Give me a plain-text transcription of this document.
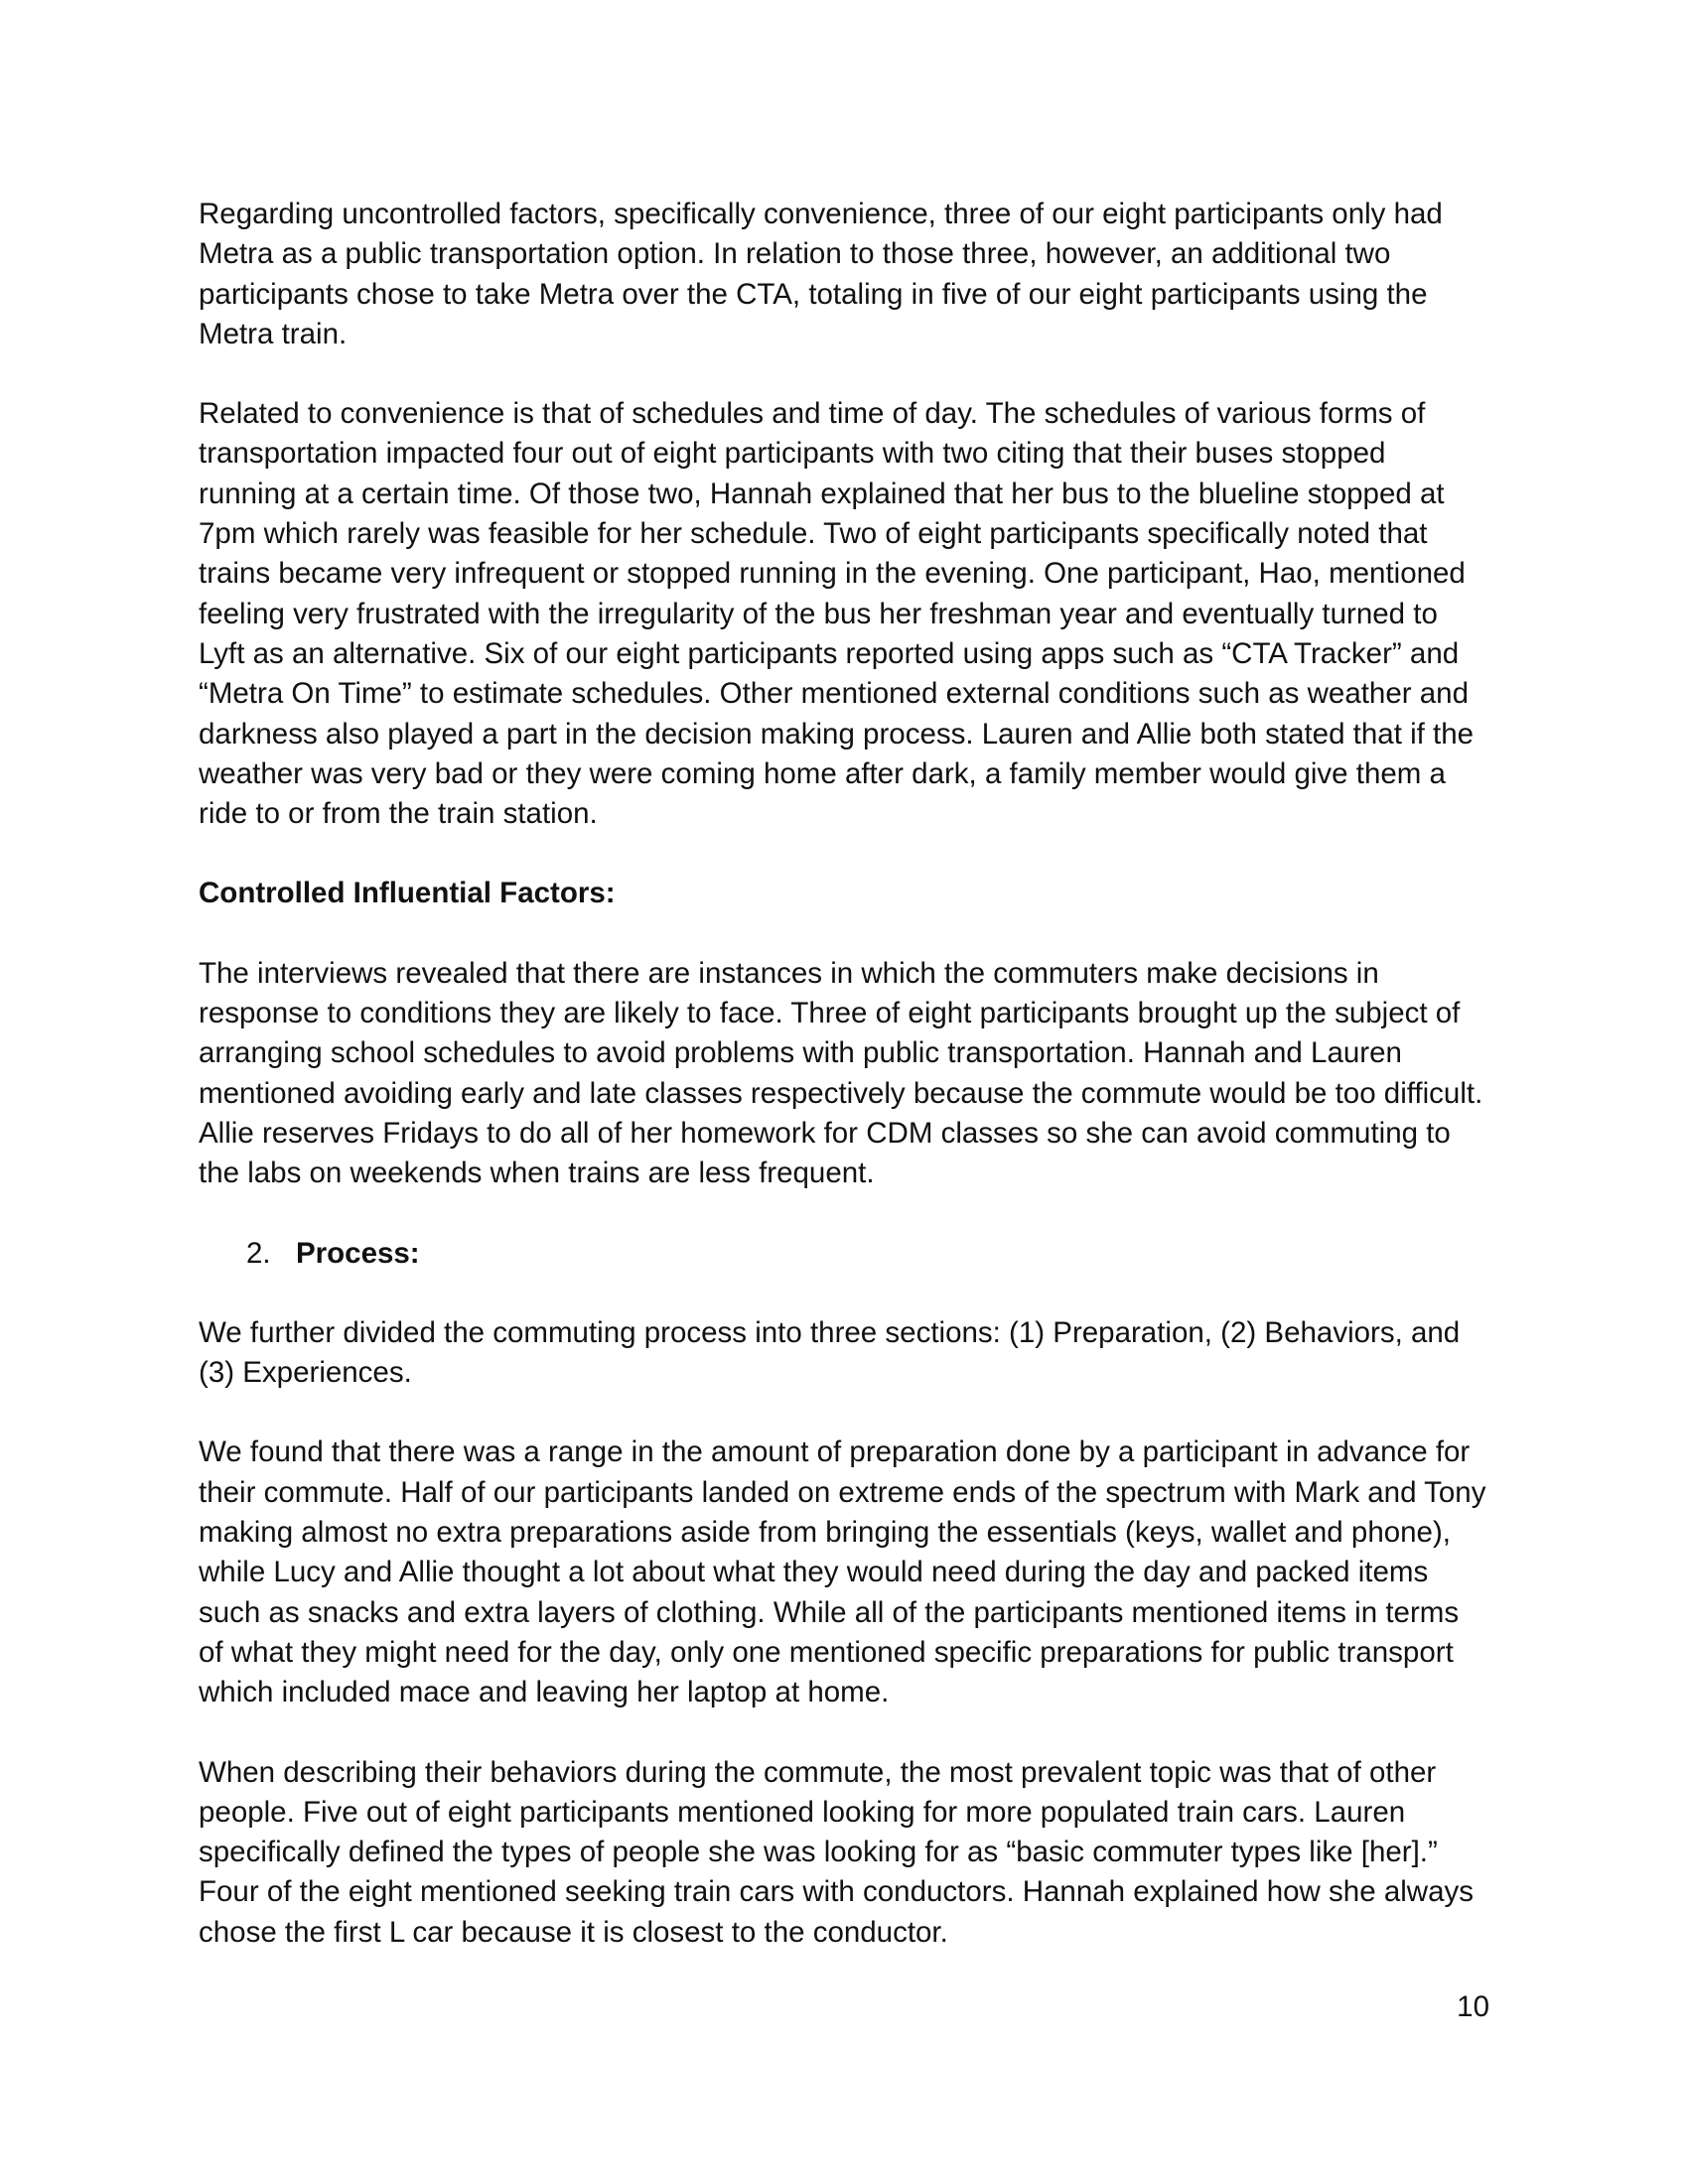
Regarding uncontrolled factors, specifically convenience, three of our eight participants only had Metra as a public transportation option. In relation to those three, however, an additional two participants chose to take Metra over the CTA, totaling in five of our eight participants using the Metra train.

Related to convenience is that of schedules and time of day. The schedules of various forms of transportation impacted four out of eight participants with two citing that their buses stopped running at a certain time. Of those two, Hannah explained that her bus to the blueline stopped at 7pm which rarely was feasible for her schedule. Two of eight participants specifically noted that trains became very infrequent or stopped running in the evening. One participant, Hao, mentioned feeling very frustrated with the irregularity of the bus her freshman year and eventually turned to Lyft as an alternative. Six of our eight participants reported using apps such as “CTA Tracker” and “Metra On Time” to estimate schedules. Other mentioned external conditions such as weather and darkness also played a part in the decision making process. Lauren and Allie both stated that if the weather was very bad or they were coming home after dark, a family member would give them a ride to or from the train station.

Controlled Influential Factors:

The interviews revealed that there are instances in which the commuters make decisions in response to conditions they are likely to face. Three of eight participants brought up the subject of arranging school schedules to avoid problems with public transportation. Hannah and Lauren mentioned avoiding early and late classes respectively because the commute would be too difficult. Allie reserves Fridays to do all of her homework for CDM classes so she can avoid commuting to the labs on weekends when trains are less frequent.

2. Process:

We further divided the commuting process into three sections: (1) Preparation, (2) Behaviors, and (3) Experiences.

We found that there was a range in the amount of preparation done by a participant in advance for their commute. Half of our participants landed on extreme ends of the spectrum with Mark and Tony making almost no extra preparations aside from bringing the essentials (keys, wallet and phone), while Lucy and Allie thought a lot about what they would need during the day and packed items such as snacks and extra layers of clothing. While all of the participants mentioned items in terms of what they might need for the day, only one mentioned specific preparations for public transport which included mace and leaving her laptop at home.

When describing their behaviors during the commute, the most prevalent topic was that of other people. Five out of eight participants mentioned looking for more populated train cars. Lauren specifically defined the types of people she was looking for as “basic commuter types like [her].” Four of the eight mentioned seeking train cars with conductors. Hannah explained how she always chose the first L car because it is closest to the conductor.

10
